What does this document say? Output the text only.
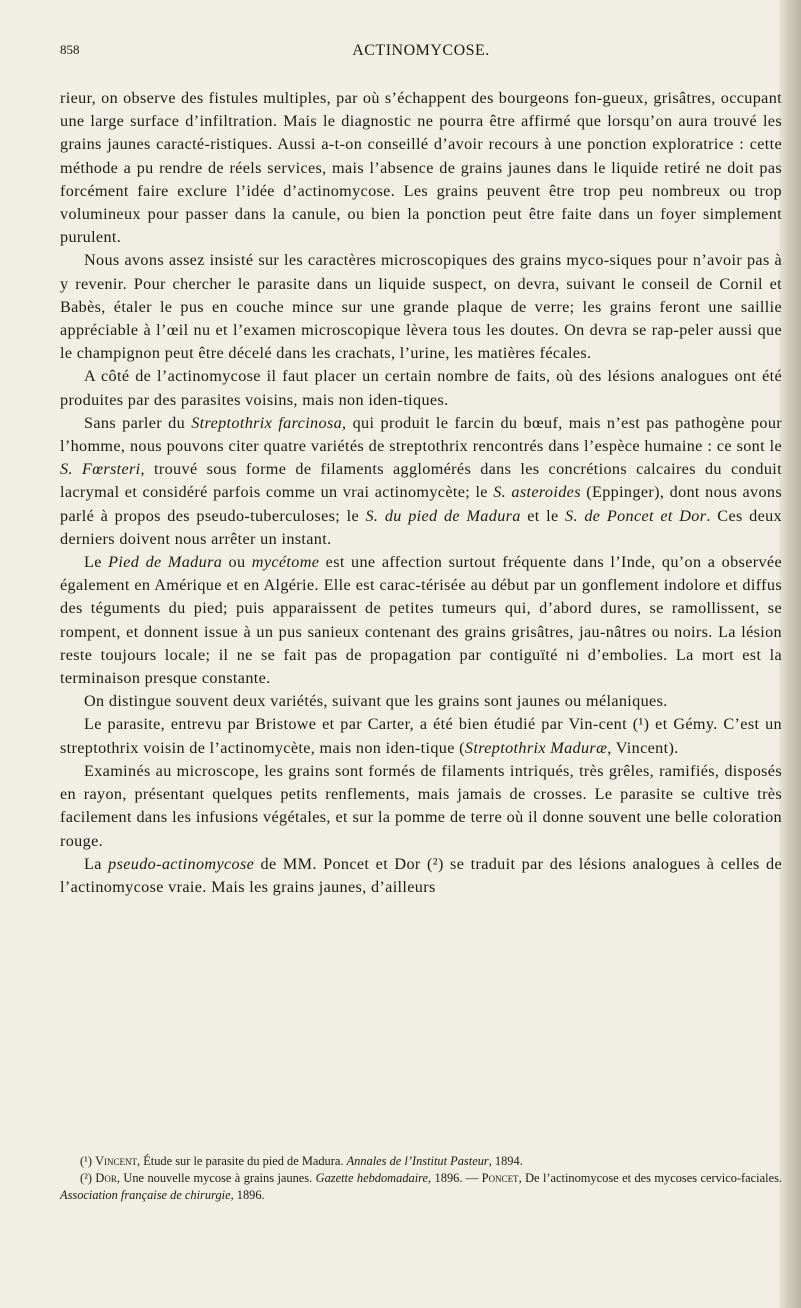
858	ACTINOMYCOSE.

rieur, on observe des fistules multiples, par où s’échappent des bourgeons fon-gueux, grisâtres, occupant une large surface d’infiltration. Mais le diagnostic ne pourra être affirmé que lorsqu’on aura trouvé les grains jaunes caracté-ristiques. Aussi a-t-on conseillé d’avoir recours à une ponction exploratrice : cette méthode a pu rendre de réels services, mais l’absence de grains jaunes dans le liquide retiré ne doit pas forcément faire exclure l’idée d’actinomycose. Les grains peuvent être trop peu nombreux ou trop volumineux pour passer dans la canule, ou bien la ponction peut être faite dans un foyer simplement purulent.

Nous avons assez insisté sur les caractères microscopiques des grains myco-siques pour n’avoir pas à y revenir. Pour chercher le parasite dans un liquide suspect, on devra, suivant le conseil de Cornil et Babès, étaler le pus en couche mince sur une grande plaque de verre; les grains feront une saillie appréciable à l’œil nu et l’examen microscopique lèvera tous les doutes. On devra se rap-peler aussi que le champignon peut être décelé dans les crachats, l’urine, les matières fécales.

A côté de l’actinomycose il faut placer un certain nombre de faits, où des lésions analogues ont été produites par des parasites voisins, mais non iden-tiques.

Sans parler du Streptothrix farcinosa, qui produit le farcin du bœuf, mais n’est pas pathogène pour l’homme, nous pouvons citer quatre variétés de streptothrix rencontrés dans l’espèce humaine : ce sont le S. Fœrsteri, trouvé sous forme de filaments agglomérés dans les concrétions calcaires du conduit lacrymal et considéré parfois comme un vrai actinomycète; le S. asteroides (Eppinger), dont nous avons parlé à propos des pseudo-tuberculoses; le S. du pied de Madura et le S. de Poncet et Dor. Ces deux derniers doivent nous arrêter un instant.

Le Pied de Madura ou mycétome est une affection surtout fréquente dans l’Inde, qu’on a observée également en Amérique et en Algérie. Elle est carac-térisée au début par un gonflement indolore et diffus des téguments du pied; puis apparaissent de petites tumeurs qui, d’abord dures, se ramollissent, se rompent, et donnent issue à un pus sanieux contenant des grains grisâtres, jau-nâtres ou noirs. La lésion reste toujours locale; il ne se fait pas de propagation par contiguïté ni d’embolies. La mort est la terminaison presque constante.

On distingue souvent deux variétés, suivant que les grains sont jaunes ou mélaniques.

Le parasite, entrevu par Bristowe et par Carter, a été bien étudié par Vin-cent (¹) et Gémy. C’est un streptothrix voisin de l’actinomycète, mais non iden-tique (Streptothrix Maduræ, Vincent).

Examinés au microscope, les grains sont formés de filaments intriqués, très grêles, ramifiés, disposés en rayon, présentant quelques petits renflements, mais jamais de crosses. Le parasite se cultive très facilement dans les infusions végétales, et sur la pomme de terre où il donne souvent une belle coloration rouge.

La pseudo-actinomycose de MM. Poncet et Dor (²) se traduit par des lésions analogues à celles de l’actinomycose vraie. Mais les grains jaunes, d’ailleurs

(¹) Vincent, Étude sur le parasite du pied de Madura. Annales de l’Institut Pasteur, 1894.

(²) Dor, Une nouvelle mycose à grains jaunes. Gazette hebdomadaire, 1896. — Poncet, De l’actinomycose et des mycoses cervico-faciales. Association française de chirurgie, 1896.
